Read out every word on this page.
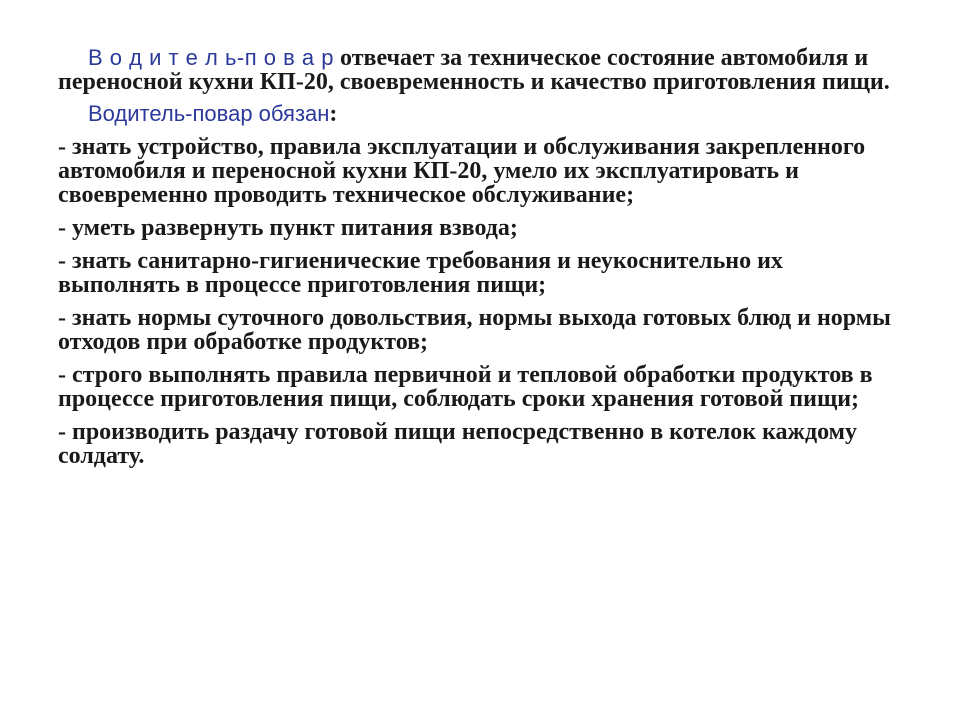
В о д и т е л ь-п о в а р отвечает за техническое состояние автомобиля и переносной кухни КП-20, своевременность и качество приготовления пищи.

Водитель-повар обязан:

- знать устройство, правила эксплуатации и обслуживания закрепленного автомобиля и переносной кухни КП-20, умело их эксплуатировать и своевременно проводить техническое обслуживание;

- уметь развернуть пункт питания взвода;

- знать санитарно-гигиенические требования и неукоснительно их выполнять в процессе приготовления пищи;

- знать нормы суточного довольствия, нормы выхода готовых блюд и нормы отходов при обработке продуктов;

- строго выполнять правила первичной и тепловой обработки продуктов в процессе приготовления пищи, соблюдать сроки хранения готовой пищи;

- производить раздачу готовой пищи непосредственно в котелок каждому солдату.
